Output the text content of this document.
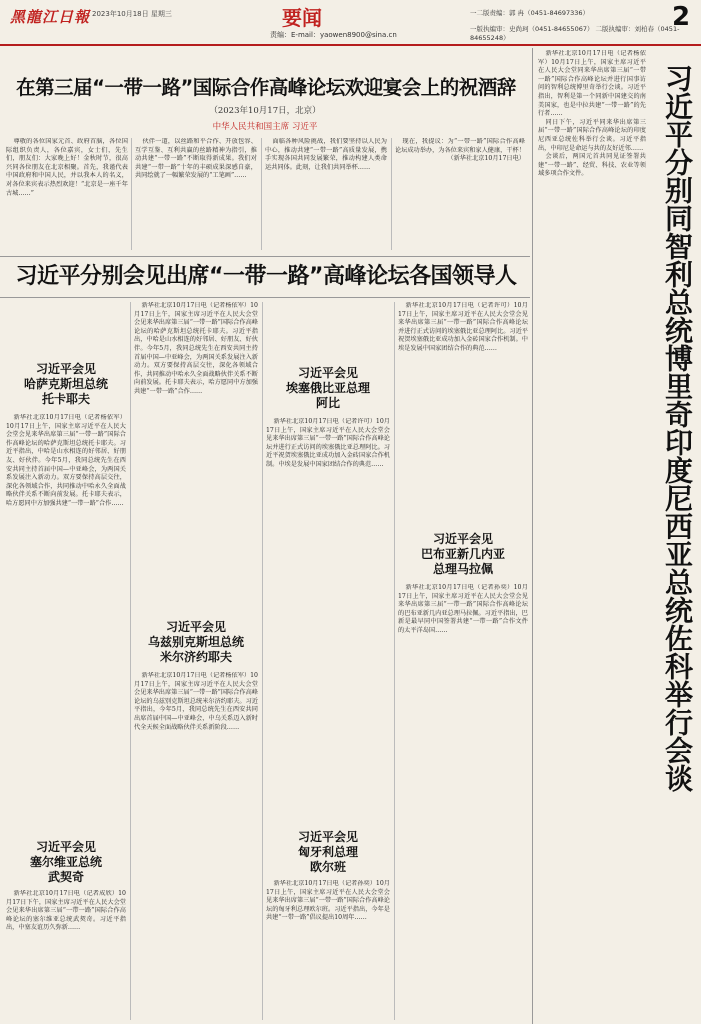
黑龍江日報 2023年10月18日 星期三	要闻
责编：E-mail：yaowen8900@sina.cn
一二版责编：郭 冉（0451-84697336）
一版执编审：史尚珂（0451-84655067） 二版执编审：刘柏春（0451-84655248）
2
在第三届“一带一路”国际合作高峰论坛欢迎宴会上的祝酒辞
（2023年10月17日，北京）
中华人民共和国主席 习近平

尊敬的各位国家元首、政府首脑，各位国际组织负责人，各位嘉宾，女士们，先生们，朋友们：大家晚上好！金秋时节，很高兴同各位朋友在北京相聚。首先，我谨代表中国政府和中国人民，并以我本人的名义，对各位来宾表示热烈欢迎！“北京是一座千年古城……”

伙伴一道，以丝路和平合作、开放包容、互学互鉴、互利共赢的丝路精神为指引，推动共建“一带一路”不断取得新成果。我们对共建“一带一路”十年的丰硕成果深感自豪，共同绘就了一幅繁荣发展的“工笔画”……

面临各种风险挑战，我们要坚持以人民为中心，推动共建“一带一路”高质量发展，携手实现各国共同发展繁荣，推动构建人类命运共同体。此刻，让我们共同举杯……

现在，我提议：为“一带一路”国际合作高峰论坛成功举办，为各位来宾和家人健康，干杯！

（新华社北京10月17日电）

习近平分别会见出席“一带一路”高峰论坛各国领导人
习近平会见
哈萨克斯坦总统
托卡耶夫

新华社北京10月17日电（记者杨依军）10月17日上午，国家主席习近平在人民大会堂会见来华出席第三届“一带一路”国际合作高峰论坛的哈萨克斯坦总统托卡耶夫。习近平指出，中哈是山水相连的好邻居、好朋友、好伙伴。今年5月，我同总统先生在西安共同主持首届中国—中亚峰会，为两国关系发展注入新动力。双方要保持高层交往，深化各领域合作，共同推动中哈永久全面战略伙伴关系不断向前发展。托卡耶夫表示，哈方愿同中方加强共建“一带一路”合作……

习近平会见
塞尔维亚总统
武契奇

新华社北京10月17日电（记者成欣）10月17日下午，国家主席习近平在人民大会堂会见来华出席第三届“一带一路”国际合作高峰论坛的塞尔维亚总统武契奇。习近平指出，中塞友谊历久弥新……

新华社北京10月17日电（记者杨依军）10月17日上午，国家主席习近平在人民大会堂会见来华出席第三届“一带一路”国际合作高峰论坛的哈萨克斯坦总统托卡耶夫。习近平指出，中哈是山水相连的好邻居、好朋友、好伙伴。今年5月，我同总统先生在西安共同主持首届中国—中亚峰会，为两国关系发展注入新动力。双方要保持高层交往，深化各领域合作，共同推动中哈永久全面战略伙伴关系不断向前发展。托卡耶夫表示，哈方愿同中方加强共建“一带一路”合作……

习近平会见
乌兹别克斯坦总统
米尔济约耶夫

新华社北京10月17日电（记者杨依军）10月17日上午，国家主席习近平在人民大会堂会见来华出席第三届“一带一路”国际合作高峰论坛的乌兹别克斯坦总统米尔济约耶夫。习近平指出，今年5月，我同总统先生在西安共同出席首届中国—中亚峰会，中乌关系迈入新时代全天候全面战略伙伴关系新阶段……

习近平会见
埃塞俄比亚总理
阿比

新华社北京10月17日电（记者许可）10月17日上午，国家主席习近平在人民大会堂会见来华出席第三届“一带一路”国际合作高峰论坛并进行正式访问的埃塞俄比亚总理阿比。习近平祝贺埃塞俄比亚成功加入金砖国家合作机制。中埃是发展中国家团结合作的典范……

习近平会见
匈牙利总理
欧尔班

新华社北京10月17日电（记者孙奕）10月17日上午，国家主席习近平在人民大会堂会见来华出席第三届“一带一路”国际合作高峰论坛的匈牙利总理欧尔班。习近平指出，今年是共建“一带一路”倡议提出10周年……

新华社北京10月17日电（记者许可）10月17日上午，国家主席习近平在人民大会堂会见来华出席第三届“一带一路”国际合作高峰论坛并进行正式访问的埃塞俄比亚总理阿比。习近平祝贺埃塞俄比亚成功加入金砖国家合作机制。中埃是发展中国家团结合作的典范……

习近平会见
巴布亚新几内亚
总理马拉佩

新华社北京10月17日电（记者孙奕）10月17日上午，国家主席习近平在人民大会堂会见来华出席第三届“一带一路”国际合作高峰论坛的巴布亚新几内亚总理马拉佩。习近平指出，巴新是最早同中国签署共建“一带一路”合作文件的太平洋岛国……

新华社北京10月17日电（记者杨依军）10月17日上午，国家主席习近平在人民大会堂同来华出席第三届“一带一路”国际合作高峰论坛并进行国事访问的智利总统博里奇举行会谈。习近平指出，智利是第一个同新中国建交的南美国家，也是中拉共建“一带一路”的先行者……

同日下午，习近平同来华出席第三届“一带一路”国际合作高峰论坛的印度尼西亚总统佐科举行会谈。习近平指出，中印尼是命运与共的友好近邻……

会谈后，两国元首共同见证签署共建“一带一路”、经贸、科技、农业等领域多项合作文件。	习近平分别同智利总统博里奇印度尼西亚总统佐科举行会谈
